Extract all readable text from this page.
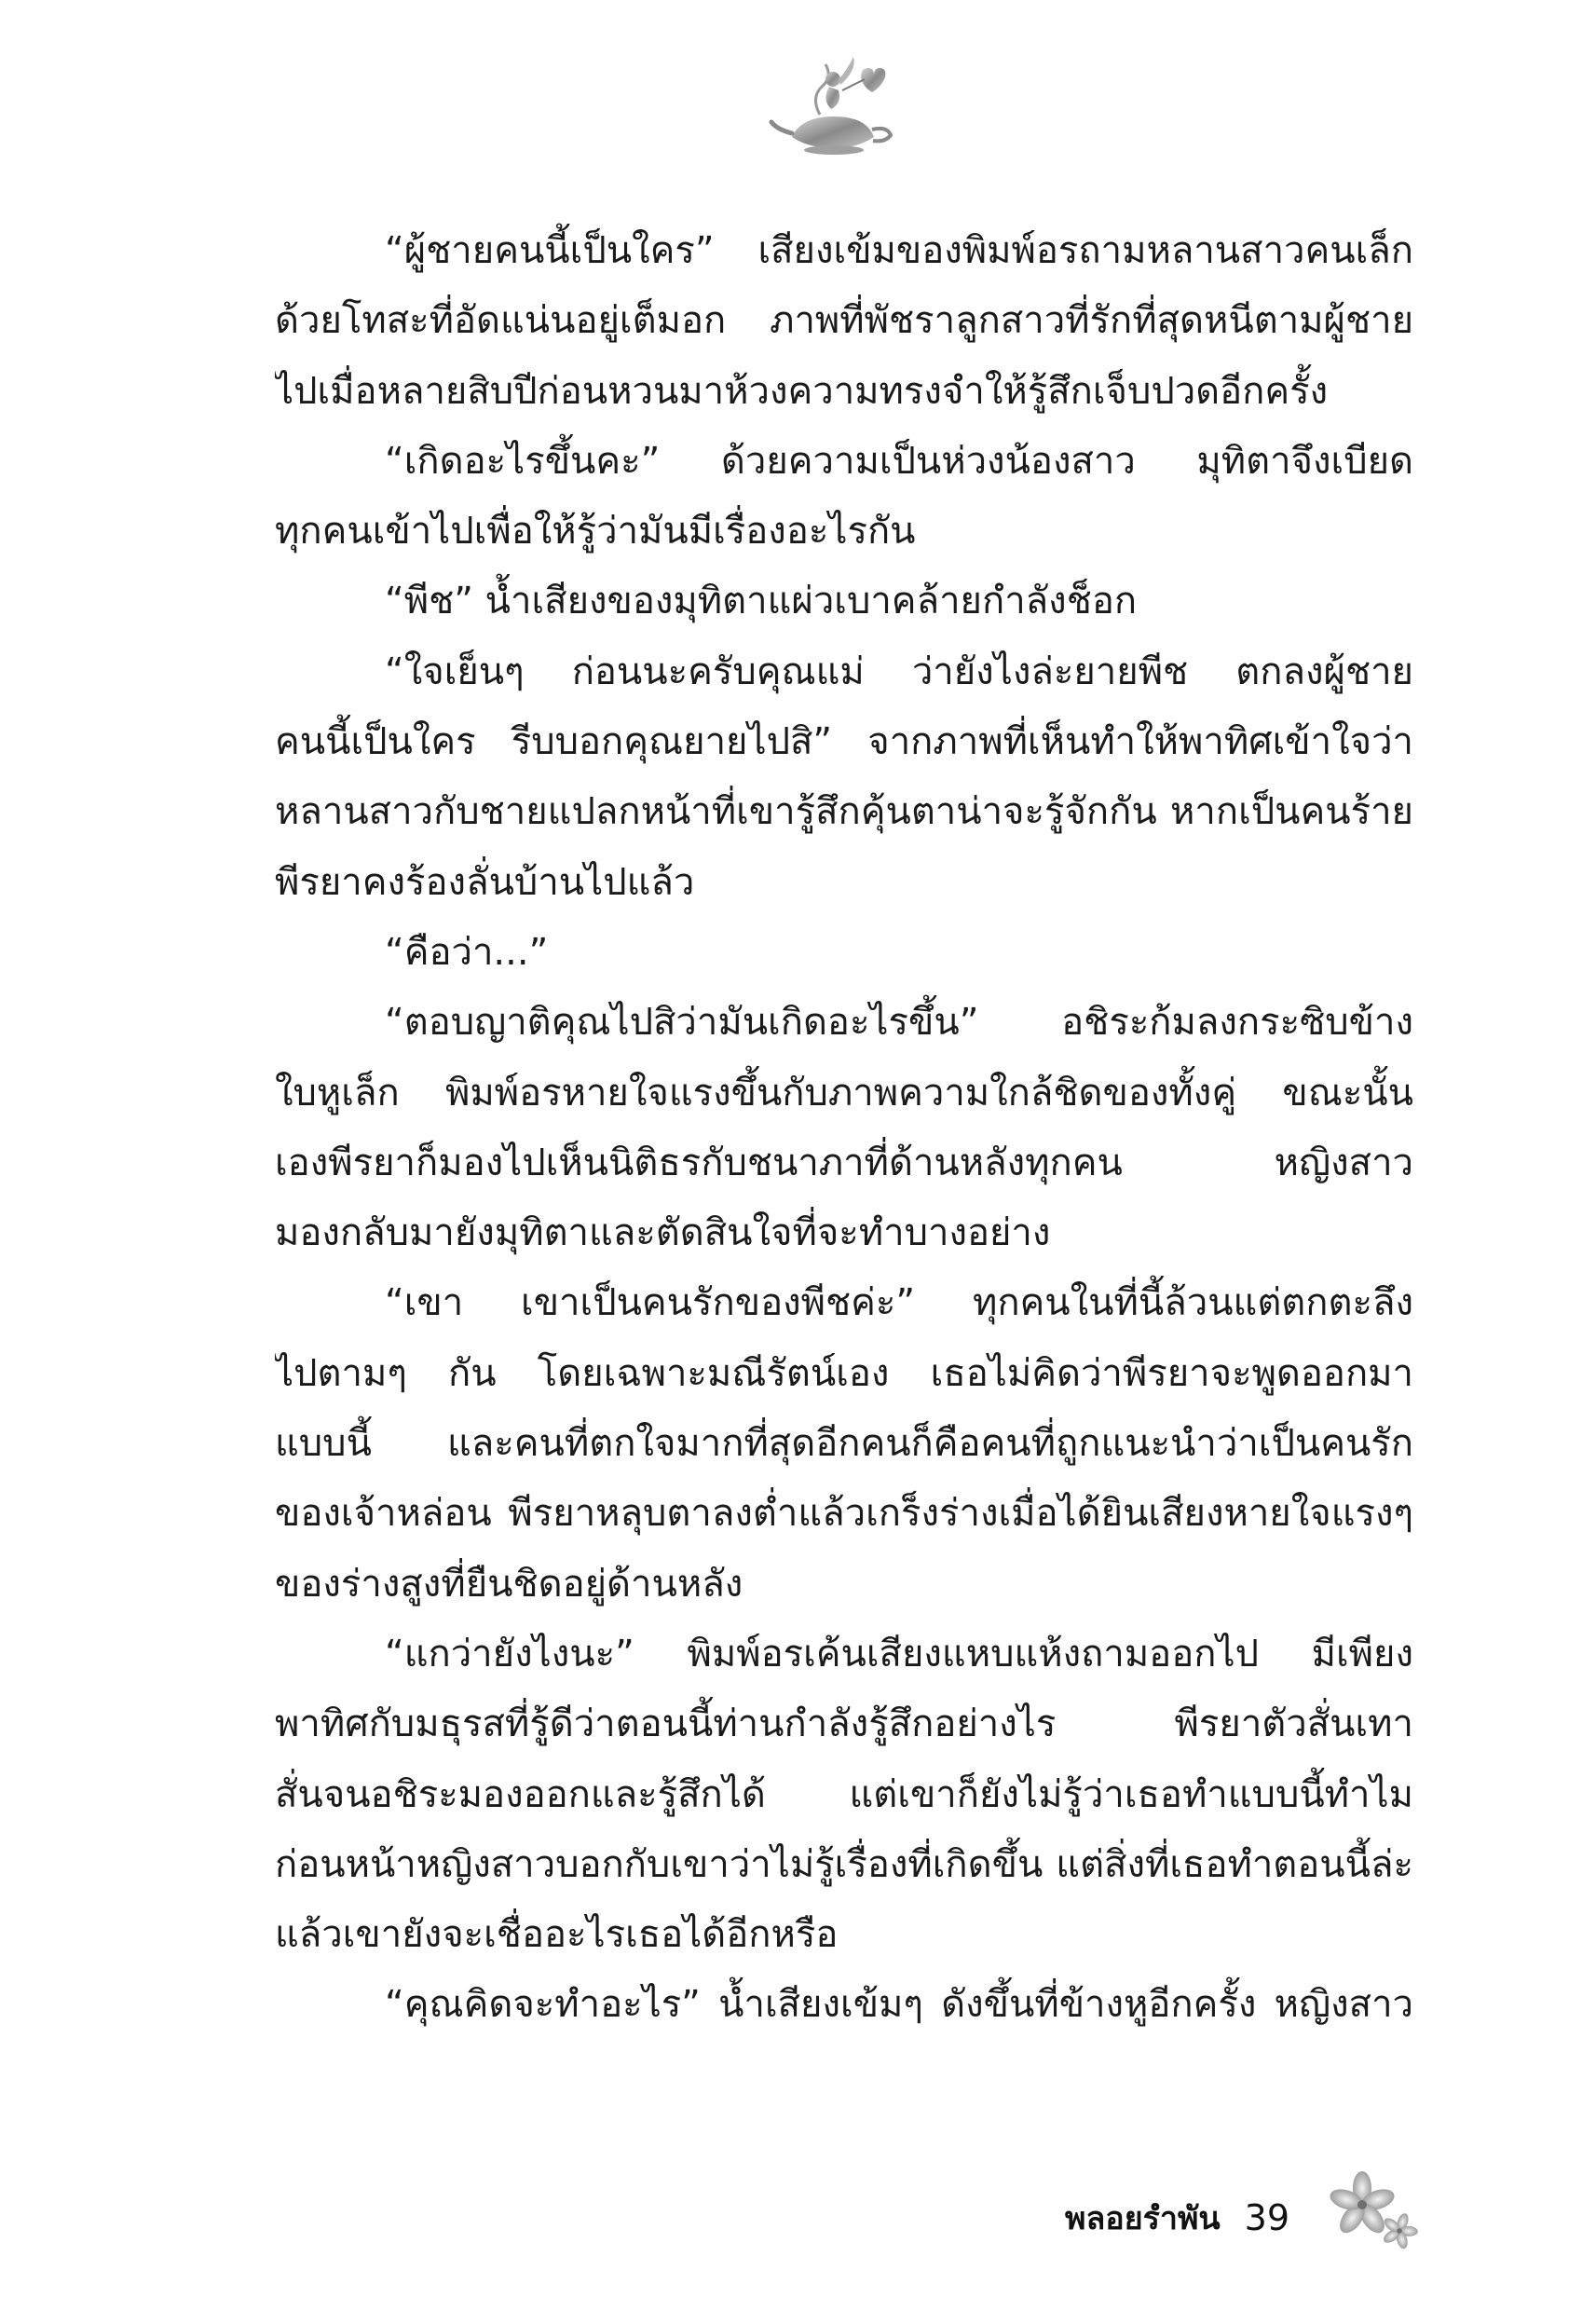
“ผู้ชายคนนี้เป็นใคร” เสียงเข้มของพิมพ์อรถามหลานสาวคนเล็ก
ด้วยโทสะที่อัดแน่นอยู่เต็มอก ภาพที่พัชราลูกสาวที่รักที่สุดหนีตามผู้ชาย
ไปเมื่อหลายสิบปีก่อนหวนมาห้วงความทรงจำให้รู้สึกเจ็บปวดอีกครั้ง
“เกิดอะไรขึ้นคะ” ด้วยความเป็นห่วงน้องสาว มุทิตาจึงเบียด
ทุกคนเข้าไปเพื่อให้รู้ว่ามันมีเรื่องอะไรกัน
“พีช” น้ำเสียงของมุทิตาแผ่วเบาคล้ายกำลังช็อก
“ใจเย็นๆ ก่อนนะครับคุณแม่ ว่ายังไงล่ะยายพีช ตกลงผู้ชาย
คนนี้เป็นใคร รีบบอกคุณยายไปสิ” จากภาพที่เห็นทำให้พาทิศเข้าใจว่า
หลานสาวกับชายแปลกหน้าที่เขารู้สึกคุ้นตาน่าจะรู้จักกัน หากเป็นคนร้าย
พีรยาคงร้องลั่นบ้านไปแล้ว
“คือว่า...”
“ตอบญาติคุณไปสิว่ามันเกิดอะไรขึ้น” อชิระก้มลงกระซิบข้าง
ใบหูเล็ก พิมพ์อรหายใจแรงขึ้นกับภาพความใกล้ชิดของทั้งคู่ ขณะนั้น
เองพีรยาก็มองไปเห็นนิติธรกับชนาภาที่ด้านหลังทุกคน หญิงสาว
มองกลับมายังมุทิตาและตัดสินใจที่จะทำบางอย่าง
“เขา เขาเป็นคนรักของพีชค่ะ” ทุกคนในที่นี้ล้วนแต่ตกตะลึง
ไปตามๆ กัน โดยเฉพาะมณีรัตน์เอง เธอไม่คิดว่าพีรยาจะพูดออกมา
แบบนี้ และคนที่ตกใจมากที่สุดอีกคนก็คือคนที่ถูกแนะนำว่าเป็นคนรัก
ของเจ้าหล่อน พีรยาหลุบตาลงต่ำแล้วเกร็งร่างเมื่อได้ยินเสียงหายใจแรงๆ
ของร่างสูงที่ยืนชิดอยู่ด้านหลัง
“แกว่ายังไงนะ” พิมพ์อรเค้นเสียงแหบแห้งถามออกไป มีเพียง
พาทิศกับมธุรสที่รู้ดีว่าตอนนี้ท่านกำลังรู้สึกอย่างไร พีรยาตัวสั่นเทา
สั่นจนอชิระมองออกและรู้สึกได้ แต่เขาก็ยังไม่รู้ว่าเธอทำแบบนี้ทำไม
ก่อนหน้าหญิงสาวบอกกับเขาว่าไม่รู้เรื่องที่เกิดขึ้น แต่สิ่งที่เธอทำตอนนี้ล่ะ
แล้วเขายังจะเชื่ออะไรเธอได้อีกหรือ
“คุณคิดจะทำอะไร” น้ำเสียงเข้มๆ ดังขึ้นที่ข้างหูอีกครั้ง หญิงสาว
พลอยรำพัน 39
